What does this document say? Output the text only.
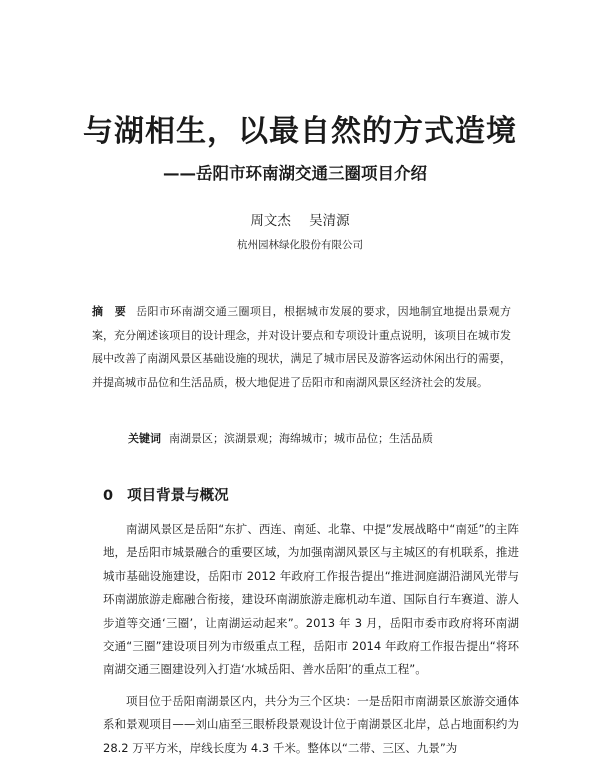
与湖相生，以最自然的方式造境
——岳阳市环南湖交通三圈项目介绍
周文杰 吴清源
杭州园林绿化股份有限公司
摘　要 岳阳市环南湖交通三圈项目，根据城市发展的要求，因地制宜地提出景观方案，充分阐述该项目的设计理念，并对设计要点和专项设计重点说明，该项目在城市发展中改善了南湖风景区基础设施的现状，满足了城市居民及游客运动休闲出行的需要，并提高城市品位和生活品质，极大地促进了岳阳市和南湖风景区经济社会的发展。
关键词 南湖景区；滨湖景观；海绵城市；城市品位；生活品质
0 项目背景与概况
南湖风景区是岳阳“东扩、西连、南延、北靠、中提”发展战略中“南延”的主阵地，是岳阳市城景融合的重要区域，为加强南湖风景区与主城区的有机联系，推进城市基础设施建设，岳阳市 2012 年政府工作报告提出“推进洞庭湖沿湖风光带与环南湖旅游走廊融合衔接，建设环南湖旅游走廊机动车道、国际自行车赛道、游人步道等交通‘三圈’，让南湖运动起来”。2013 年 3 月，岳阳市委市政府将环南湖交通“三圈”建设项目列为市级重点工程，岳阳市 2014 年政府工作报告提出“将环南湖交通三圈建设列入打造‘水城岳阳、善水岳阳’的重点工程”。
项目位于岳阳南湖景区内，共分为三个区块：一是岳阳市南湖景区旅游交通体系和景观项目——刘山庙至三眼桥段景观设计位于南湖景区北岸，总占地面积约为 28.2 万平方米，岸线长度为 4.3 千米。整体以“二带、三区、九景”为
